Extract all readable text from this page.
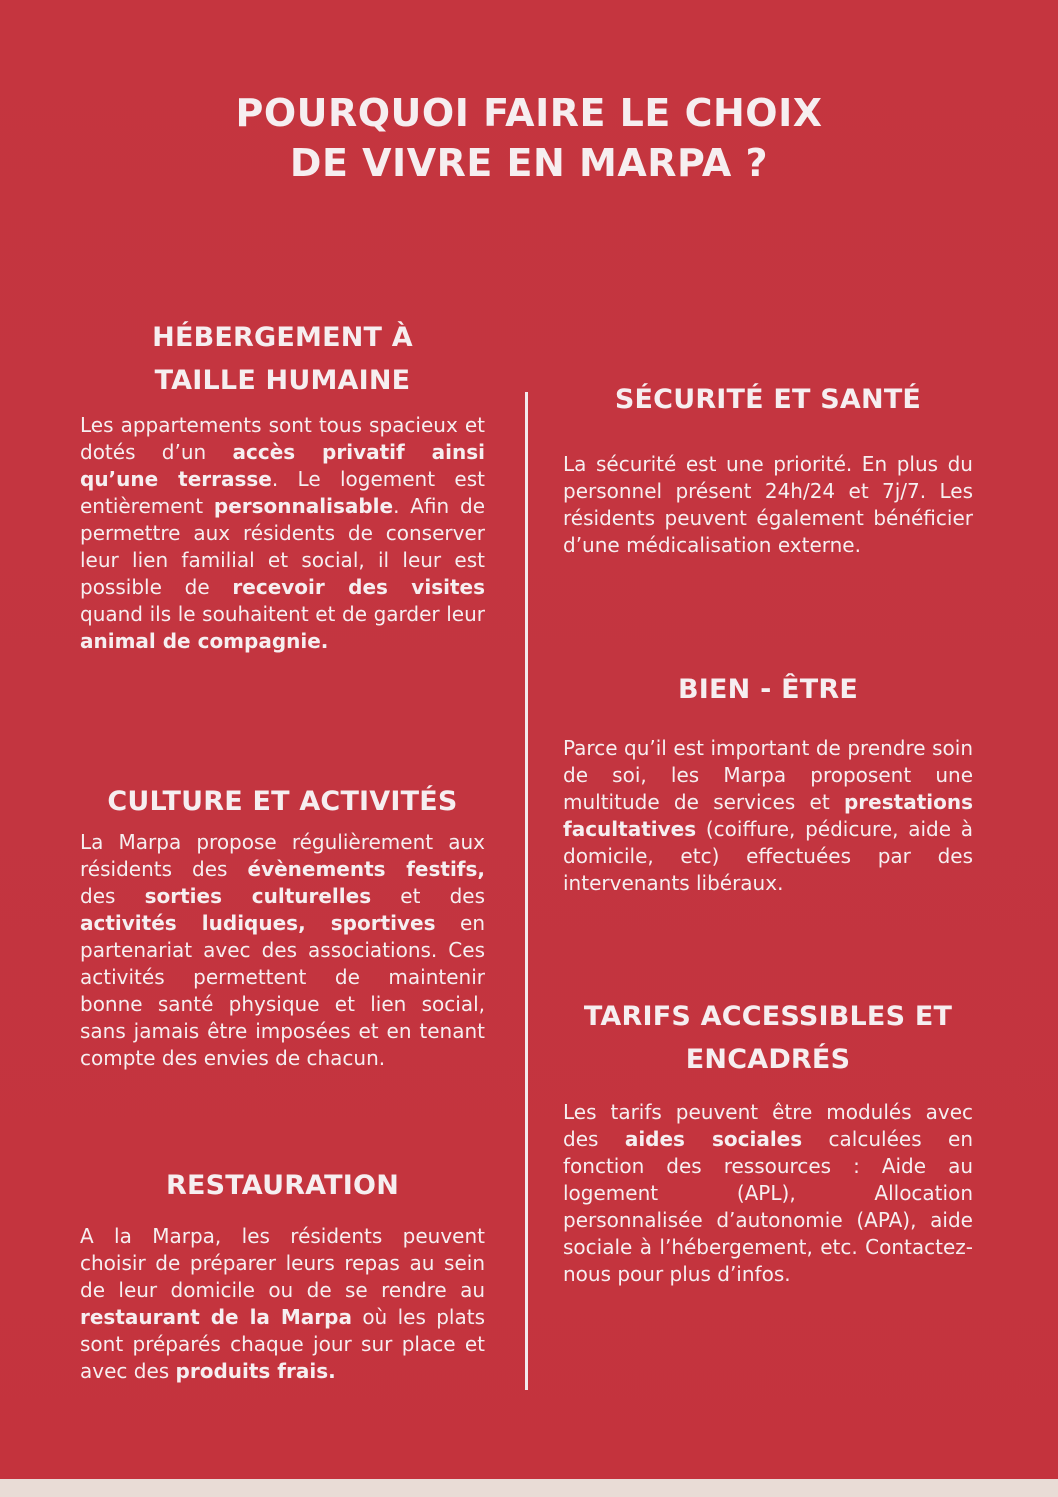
POURQUOI FAIRE LE CHOIX
DE VIVRE EN MARPA ?
HÉBERGEMENT À
TAILLE HUMAINE

Les appartements sont tous spacieux et dotés d’un accès privatif ainsi qu’une terrasse. Le logement est entièrement personnalisable. Afin de permettre aux résidents de conserver leur lien familial et social, il leur est possible de recevoir des visites quand ils le souhaitent et de garder leur animal de compagnie.

CULTURE ET ACTIVITÉS

La Marpa propose régulièrement aux résidents des évènements festifs, des sorties culturelles et des activités ludiques, sportives en partenariat avec des associations. Ces activités permettent de maintenir bonne santé physique et lien social, sans jamais être imposées et en tenant compte des envies de chacun.

RESTAURATION

A la Marpa, les résidents peuvent choisir de préparer leurs repas au sein de leur domicile ou de se rendre au restaurant de la Marpa où les plats sont préparés chaque jour sur place et avec des produits frais.

SÉCURITÉ ET SANTÉ

La sécurité est une priorité. En plus du personnel présent 24h/24 et 7j/7. Les résidents peuvent également bénéficier d’une médicalisation externe.

BIEN - ÊTRE

Parce qu’il est important de prendre soin de soi, les Marpa proposent une multitude de services et prestations facultatives (coiffure, pédicure, aide à domicile, etc) effectuées par des intervenants libéraux.

TARIFS ACCESSIBLES ET
ENCADRÉS

Les tarifs peuvent être modulés avec des aides sociales calculées en fonction des ressources : Aide au logement (APL), Allocation personnalisée d’autonomie (APA), aide sociale à l’hébergement, etc. Contactez-nous pour plus d’infos.
